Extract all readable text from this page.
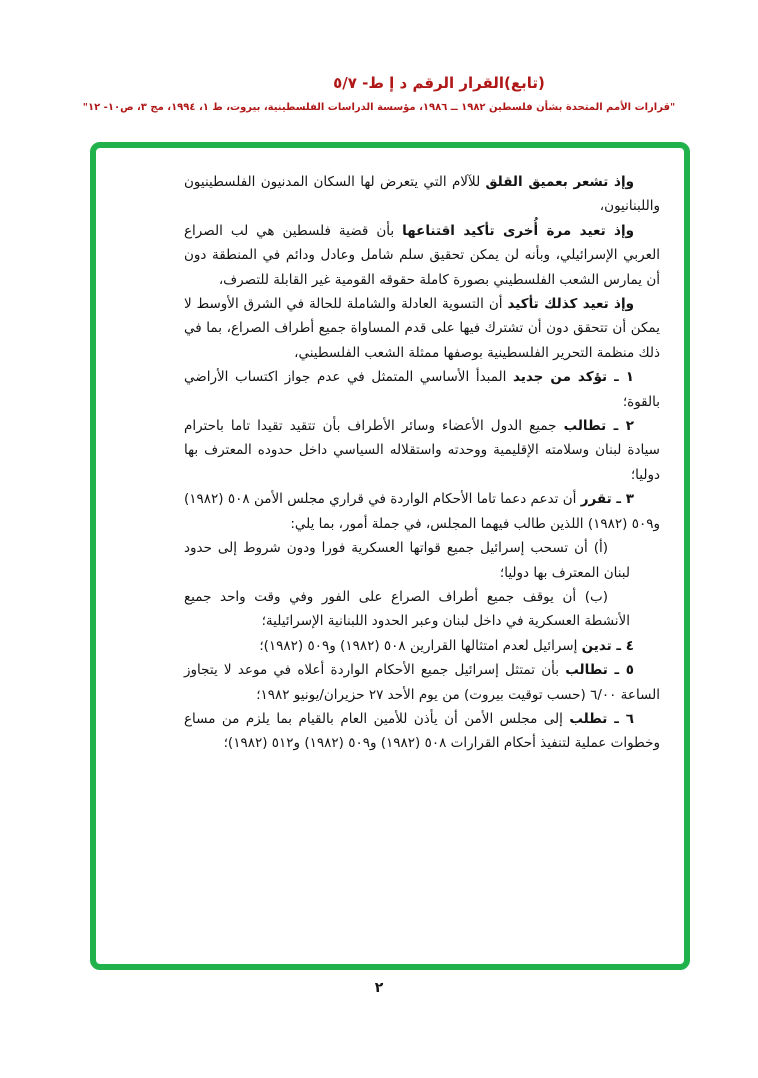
(تابع)القرار الرقم د إ ط- ٥/٧
"قرارات الأمم المتحدة بشأن فلسطين ١٩٨٢ ــ ١٩٨٦، مؤسسة الدراسات الفلسطينية، بيروت، ط ١، ١٩٩٤، مج ٣، ص١٠- ١٢"

وإذ تشعر بعميق القلق للآلام التي يتعرض لها السكان المدنيون الفلسطينيون واللبنانيون،

وإذ تعيد مرة أُخرى تأكيد اقتناعها بأن قضية فلسطين هي لب الصراع العربي الإسرائيلي، وبأنه لن يمكن تحقيق سلم شامل وعادل ودائم في المنطقة دون أن يمارس الشعب الفلسطيني بصورة كاملة حقوقه القومية غير القابلة للتصرف،

وإذ تعيد كذلك تأكيد أن التسوية العادلة والشاملة للحالة في الشرق الأوسط لا يمكن أن تتحقق دون أن تشترك فيها على قدم المساواة جميع أطراف الصراع، بما في ذلك منظمة التحرير الفلسطينية بوصفها ممثلة الشعب الفلسطيني،

١ ـ تؤكد من جديد المبدأ الأساسي المتمثل في عدم جواز اكتساب الأراضي بالقوة؛

٢ ـ تطالب جميع الدول الأعضاء وسائر الأطراف بأن تتقيد تقيدا تاما باحترام سيادة لبنان وسلامته الإقليمية ووحدته واستقلاله السياسي داخل حدوده المعترف بها دوليا؛

٣ ـ تقرر أن تدعم دعما تاما الأحكام الواردة في قراري مجلس الأمن ٥٠٨ (١٩٨٢) و٥٠٩ (١٩٨٢) اللذين طالب فيهما المجلس، في جملة أمور، بما يلي:

(أ) أن تسحب إسرائيل جميع قواتها العسكرية فورا ودون شروط إلى حدود لبنان المعترف بها دوليا؛

(ب) أن يوقف جميع أطراف الصراع على الفور وفي وقت واحد جميع الأنشطة العسكرية في داخل لبنان وعبر الحدود اللبنانية الإسرائيلية؛

٤ ـ تدين إسرائيل لعدم امتثالها القرارين ٥٠٨ (١٩٨٢) و٥٠٩ (١٩٨٢)؛

٥ ـ تطالب بأن تمتثل إسرائيل جميع الأحكام الواردة أعلاه في موعد لا يتجاوز الساعة ٦/٠٠ (حسب توقيت بيروت) من يوم الأحد ٢٧ حزيران/يونيو ١٩٨٢؛

٦ ـ تطلب إلى مجلس الأمن أن يأذن للأمين العام بالقيام بما يلزم من مساع وخطوات عملية لتنفيذ أحكام القرارات ٥٠٨ (١٩٨٢) و٥٠٩ (١٩٨٢) و٥١٢ (١٩٨٢)؛

٢
